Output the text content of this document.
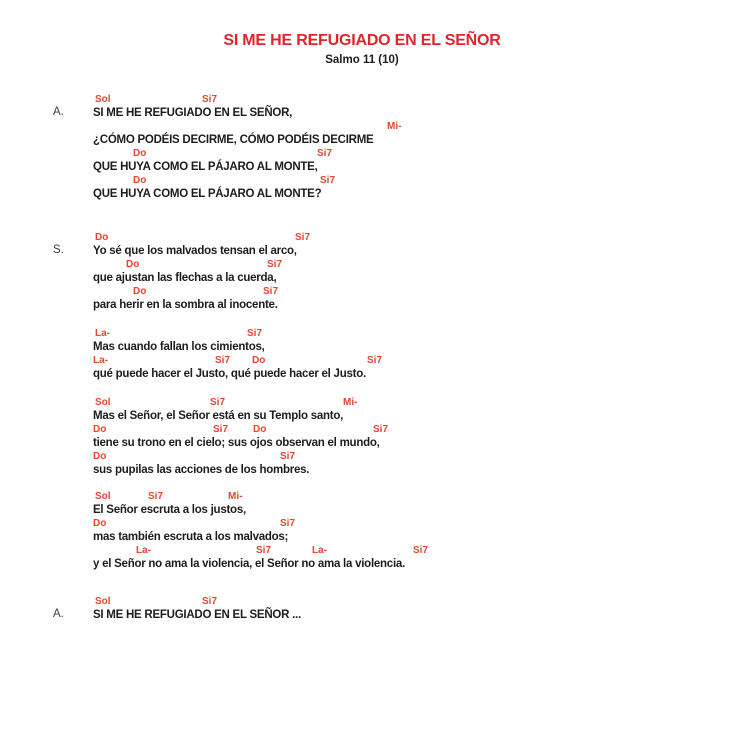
SI ME HE REFUGIADO EN EL SEÑOR
Salmo 11 (10)
A.
Sol	Si7
SI ME HE REFUGIADO EN EL SEÑOR,
Mi-
¿CÓMO PODÉIS DECIRME, CÓMO PODÉIS DECIRME
Do	Si7
QUE HUYA COMO EL PÁJARO AL MONTE,
Do	Si7
QUE HUYA COMO EL PÁJARO AL MONTE?
S.
Do	Si7
Yo sé que los malvados tensan el arco,
Do	Si7
que ajustan las flechas a la cuerda,
Do	Si7
para herir en la sombra al inocente.
La-	Si7
Mas cuando fallan los cimientos,
La-	Si7 Do	Si7
qué puede hacer el Justo, qué puede hacer el Justo.
Sol	Si7	Mi-
Mas el Señor, el Señor está en su Templo santo,
Do	Si7 Do	Si7
tiene su trono en el cielo; sus ojos observan el mundo,
Do	Si7
sus pupilas las acciones de los hombres.
Sol	Si7	Mi-
El Señor escruta a los justos,
Do	Si7
mas también escruta a los malvados;
La-	Si7	La-	Si7
y el Señor no ama la violencia, el Señor no ama la violencia.
A.
Sol	Si7
SI ME HE REFUGIADO EN EL SEÑOR ...
